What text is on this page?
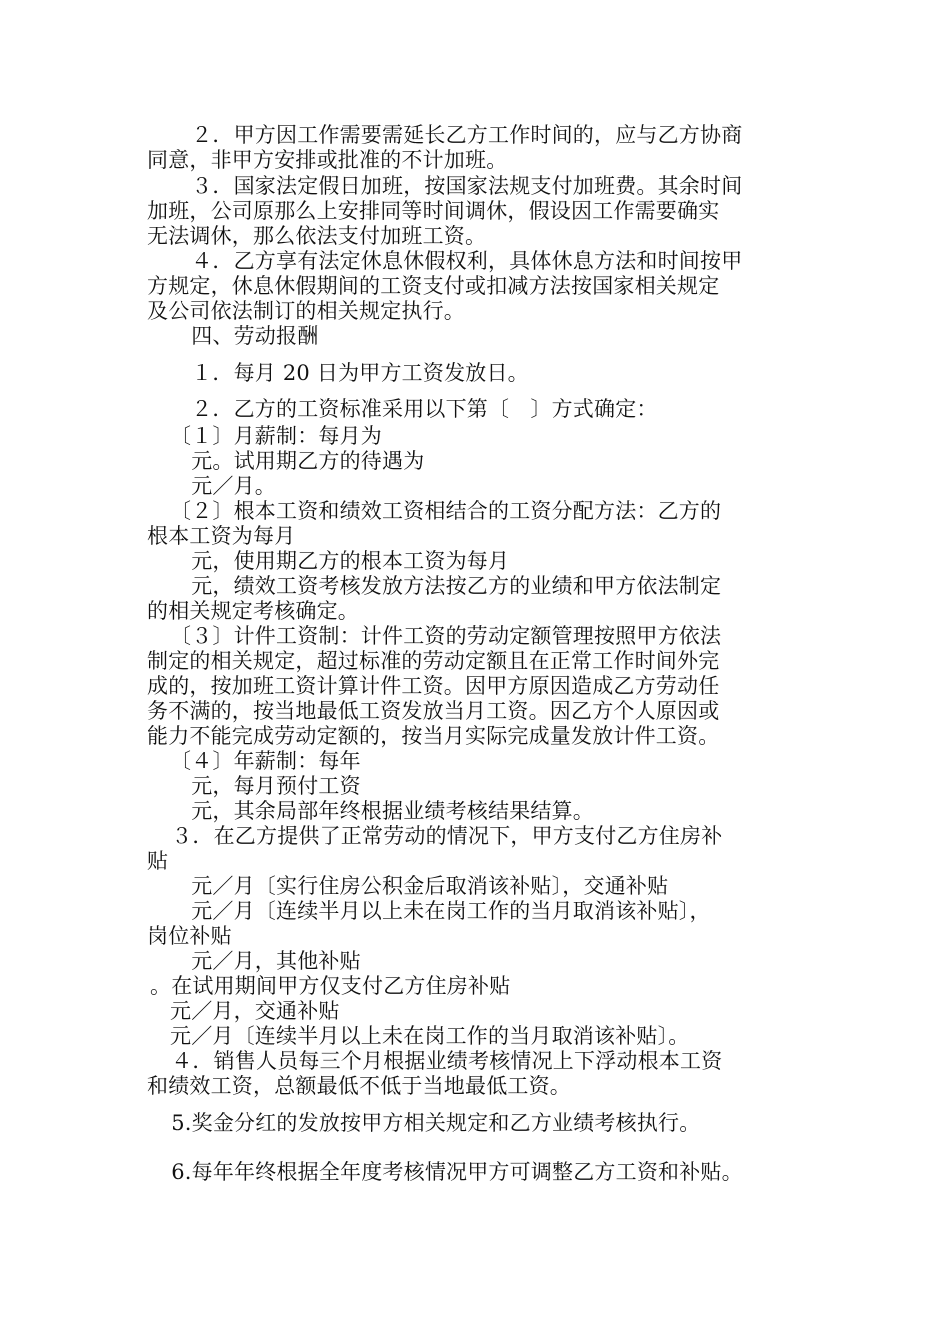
　２．甲方因工作需要需延长乙方工作时间的，应与乙方协商
同意，非甲方安排或批准的不计加班。
　３．国家法定假日加班，按国家法规支付加班费。其余时间
加班，公司原那么上安排同等时间调休，假设因工作需要确实
无法调休，那么依法支付加班工资。
　４．乙方享有法定休息休假权利，具体休息方法和时间按甲
方规定，休息休假期间的工资支付或扣减方法按国家相关规定
及公司依法制订的相关规定执行。
　四、劳动报酬
　１．每月 20 日为甲方工资发放日。
　２．乙方的工资标准采用以下第〔　〕方式确定：
〔１〕月薪制：每月为
　元。试用期乙方的待遇为
　元／月。
〔２〕根本工资和绩效工资相结合的工资分配方法：乙方的
根本工资为每月
　元，使用期乙方的根本工资为每月
　元，绩效工资考核发放方法按乙方的业绩和甲方依法制定
的相关规定考核确定。
〔３〕计件工资制：计件工资的劳动定额管理按照甲方依法
制定的相关规定，超过标准的劳动定额且在正常工作时间外完
成的，按加班工资计算计件工资。因甲方原因造成乙方劳动任
务不满的，按当地最低工资发放当月工资。因乙方个人原因或
能力不能完成劳动定额的，按当月实际完成量发放计件工资。
〔４〕年薪制：每年
　元，每月预付工资
　元，其余局部年终根据业绩考核结果结算。
　３．在乙方提供了正常劳动的情况下，甲方支付乙方住房补
贴
　元／月〔实行住房公积金后取消该补贴〕，交通补贴
　元／月〔连续半月以上未在岗工作的当月取消该补贴〕，
岗位补贴
　元／月，其他补贴
。在试用期间甲方仅支付乙方住房补贴
元／月，交通补贴
元／月〔连续半月以上未在岗工作的当月取消该补贴〕。
　４．销售人员每三个月根据业绩考核情况上下浮动根本工资
和绩效工资，总额最低不低于当地最低工资。
　5.奖金分红的发放按甲方相关规定和乙方业绩考核执行。
　6.每年年终根据全年度考核情况甲方可调整乙方工资和补贴。
